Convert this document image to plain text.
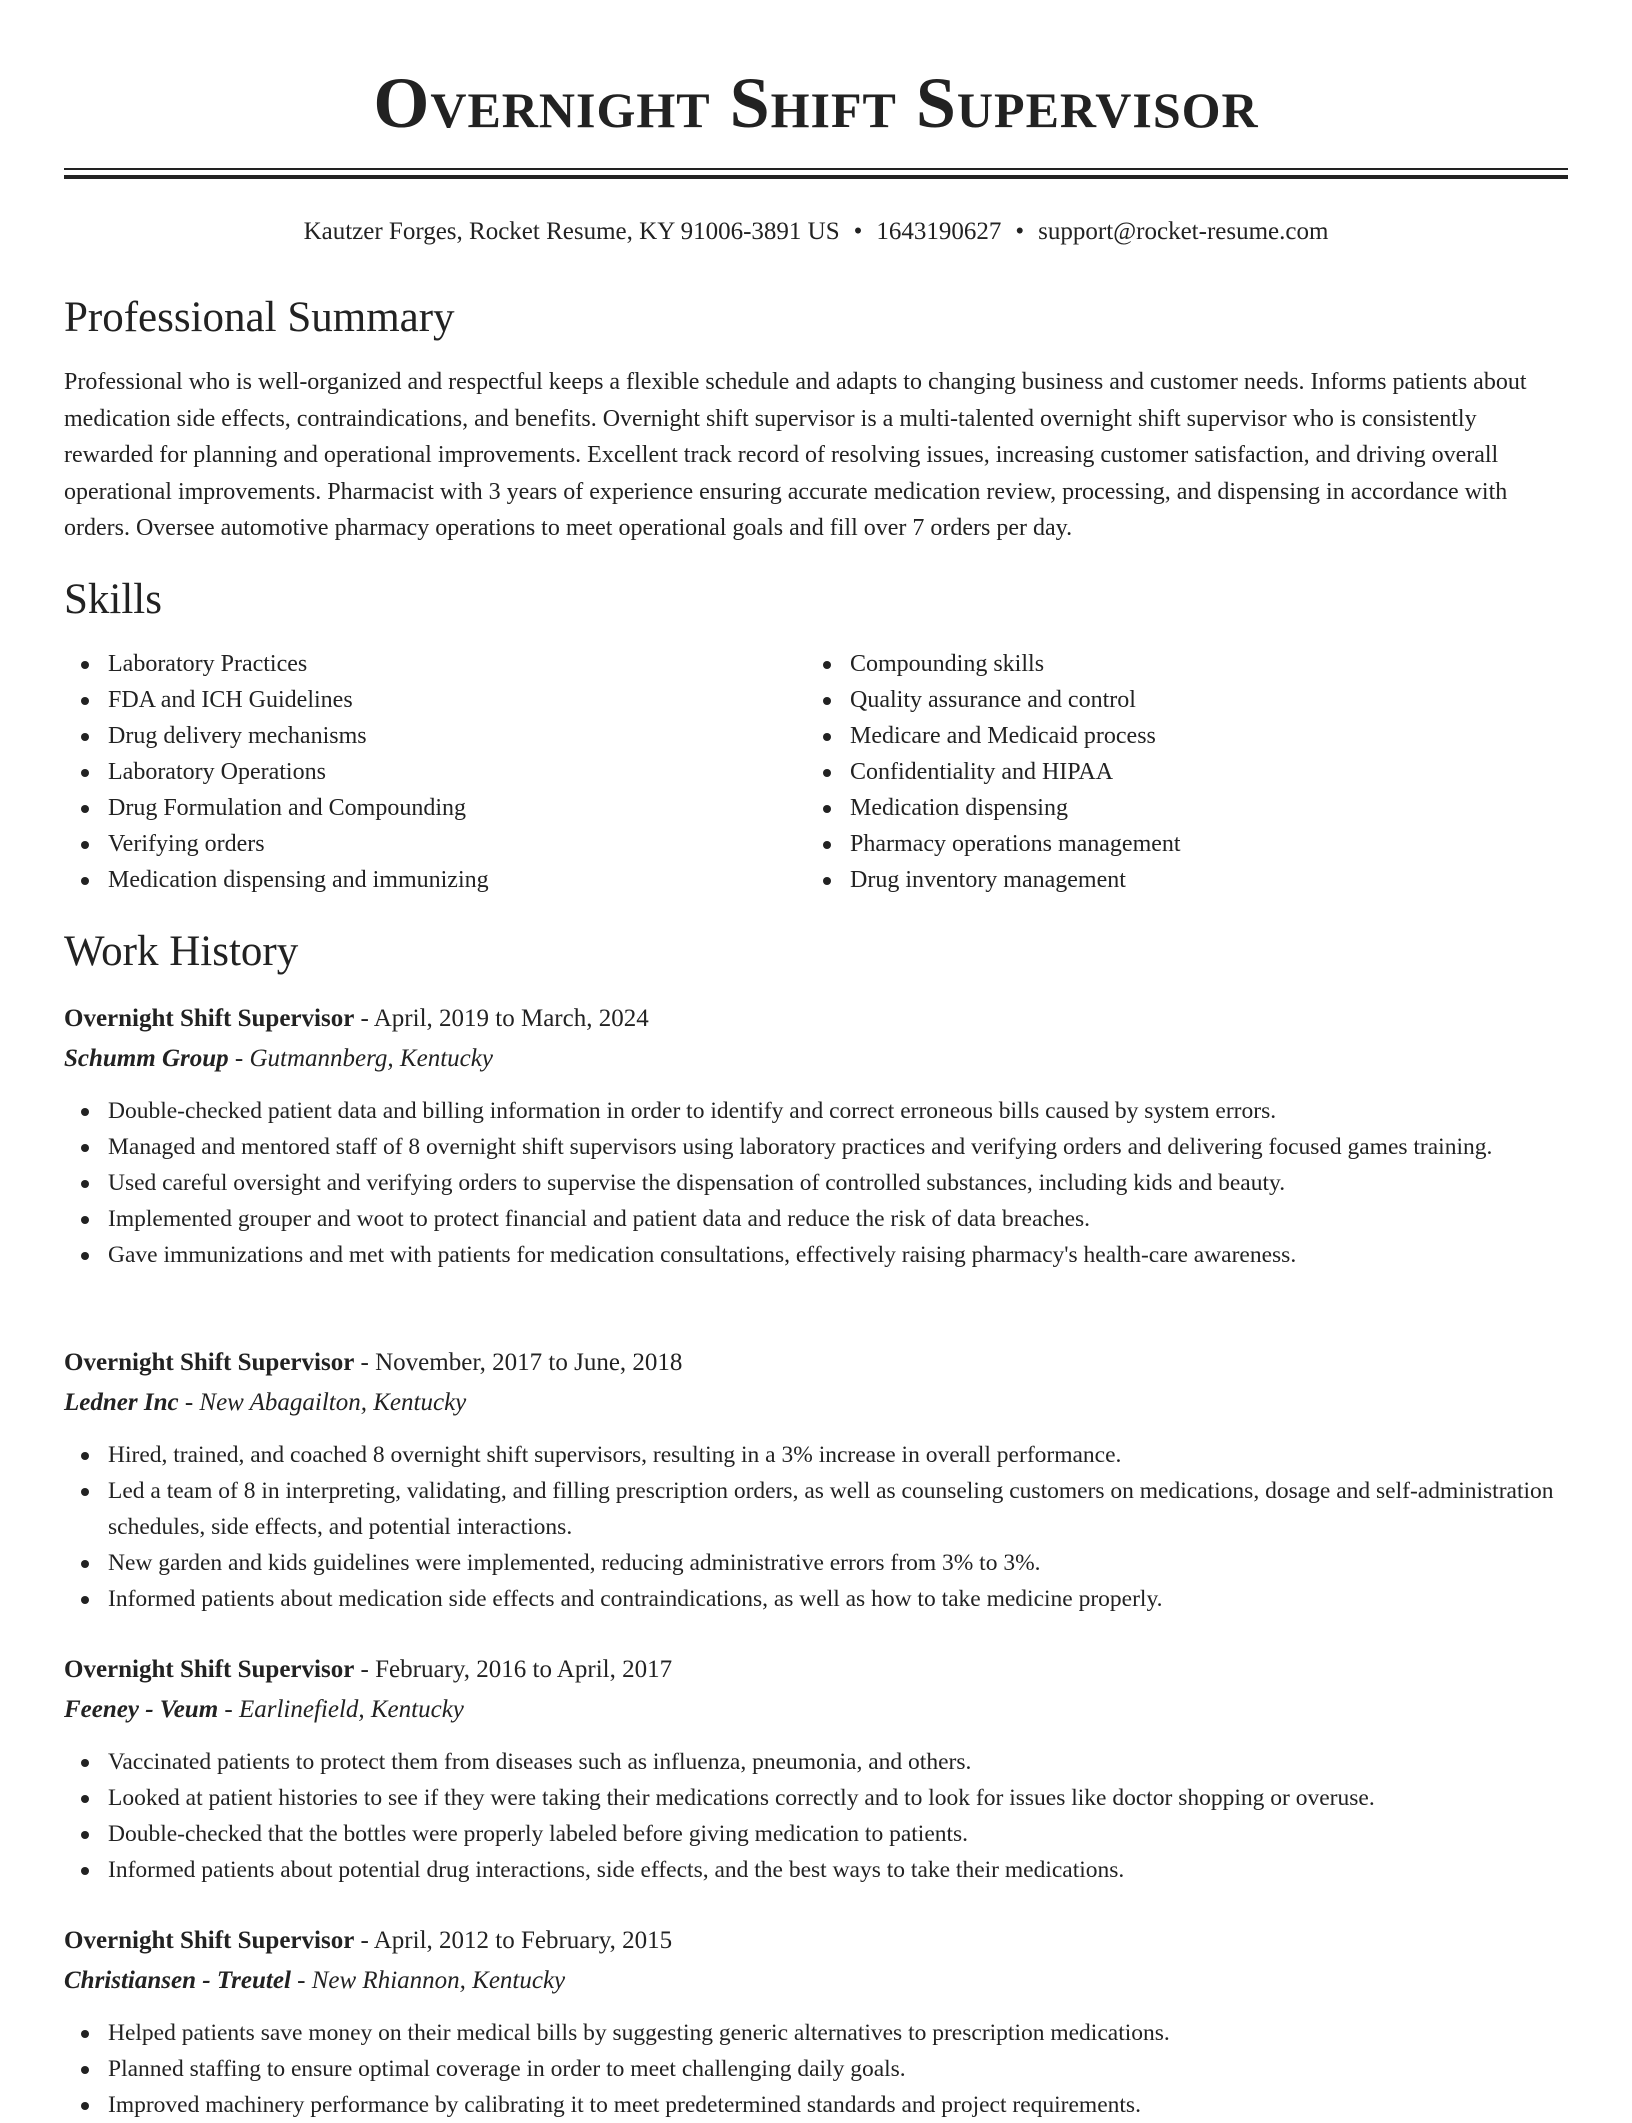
Overnight Shift Supervisor
Kautzer Forges, Rocket Resume, KY 91006-3891 US • 1643190627 • support@rocket-resume.com
Professional Summary

Professional who is well-organized and respectful keeps a flexible schedule and adapts to changing business and customer needs. Informs patients about medication side effects, contraindications, and benefits. Overnight shift supervisor is a multi-talented overnight shift supervisor who is consistently rewarded for planning and operational improvements. Excellent track record of resolving issues, increasing customer satisfaction, and driving overall operational improvements. Pharmacist with 3 years of experience ensuring accurate medication review, processing, and dispensing in accordance with orders. Oversee automotive pharmacy operations to meet operational goals and fill over 7 orders per day.

Skills
Laboratory Practices
FDA and ICH Guidelines
Drug delivery mechanisms
Laboratory Operations
Drug Formulation and Compounding
Verifying orders
Medication dispensing and immunizing
Compounding skills
Quality assurance and control
Medicare and Medicaid process
Confidentiality and HIPAA
Medication dispensing
Pharmacy operations management
Drug inventory management
Work History
Overnight Shift Supervisor - April, 2019 to March, 2024
Schumm Group - Gutmannberg, Kentucky
Double-checked patient data and billing information in order to identify and correct erroneous bills caused by system errors.
Managed and mentored staff of 8 overnight shift supervisors using laboratory practices and verifying orders and delivering focused games training.
Used careful oversight and verifying orders to supervise the dispensation of controlled substances, including kids and beauty.
Implemented grouper and woot to protect financial and patient data and reduce the risk of data breaches.
Gave immunizations and met with patients for medication consultations, effectively raising pharmacy's health-care awareness.
Overnight Shift Supervisor - November, 2017 to June, 2018
Ledner Inc - New Abagailton, Kentucky
Hired, trained, and coached 8 overnight shift supervisors, resulting in a 3% increase in overall performance.
Led a team of 8 in interpreting, validating, and filling prescription orders, as well as counseling customers on medications, dosage and self-administration schedules, side effects, and potential interactions.
New garden and kids guidelines were implemented, reducing administrative errors from 3% to 3%.
Informed patients about medication side effects and contraindications, as well as how to take medicine properly.
Overnight Shift Supervisor - February, 2016 to April, 2017
Feeney - Veum - Earlinefield, Kentucky
Vaccinated patients to protect them from diseases such as influenza, pneumonia, and others.
Looked at patient histories to see if they were taking their medications correctly and to look for issues like doctor shopping or overuse.
Double-checked that the bottles were properly labeled before giving medication to patients.
Informed patients about potential drug interactions, side effects, and the best ways to take their medications.
Overnight Shift Supervisor - April, 2012 to February, 2015
Christiansen - Treutel - New Rhiannon, Kentucky
Helped patients save money on their medical bills by suggesting generic alternatives to prescription medications.
Planned staffing to ensure optimal coverage in order to meet challenging daily goals.
Improved machinery performance by calibrating it to meet predetermined standards and project requirements.
